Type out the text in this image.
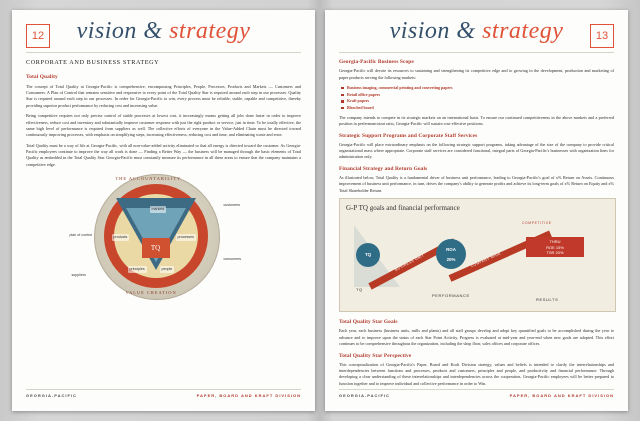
12	vision & strategy
CORPORATE AND BUSINESS STRATEGY
Total Quality

The concept of Total Quality at Georgia-Pacific is comprehensive, encompassing Principles, People, Processes, Products and Markets — Customers and Consumers. A Plan of Control that remains sensitive and responsive to every point of the Total Quality Star is required around each step in our processes. Quality Star is required around each step in our processes. In order for Georgia-Pacific to win, every process must be reliable, stable, capable and competitive, thereby providing superior product performance by reducing cost and increasing value.

Being competitive requires not only precise control of stable processes at lowest cost, it increasingly means getting all jobs done faster in order to improve effectiveness, reduce cost and inventory and substantially improve customer response with just the right product or service, just in time. To be totally effective, the same high level of performance is required from suppliers as well. The collective efforts of everyone in the Value-Added Chain must be directed toward continuously improving processes, with emphasis on simplifying steps, increasing effectiveness, reducing cost and time, and eliminating waste and error.

Total Quality must be a way of life at Georgia-Pacific, with all non-value-added activity eliminated so that all energy is directed toward the customer. As Georgia-Pacific employees continue to improve the way all work is done — Finding a Better Way — the business will be managed through the basic elements of Total Quality as embedded in the Total Quality Star. Georgia-Pacific must constantly measure its performance in all these areas to ensure that the company maintains a competitive edge.

TQ
markets
processes
principles	people
products
THE ACCOUNTABILITY
VALUE CREATION
plan of control
customers
consumers
suppliers
GEORGIA-PACIFIC	PAPER, BOARD AND KRAFT DIVISION
13
vision & strategy
Georgia-Pacific Business Scope

Georgia-Pacific will devote its resources to sustaining and strengthening its competitive edge and to growing in the development, production and marketing of paper products serving the following markets:

Business imaging, commercial printing and converting papers
Retail office papers
Kraft papers
Bleached board

The company intends to compete in its strategic markets on an international basis. To ensure our continued competitiveness in the above markets and a preferred position in perfermancoizat ratio, Georgia-Pacific will sustain cost-effective positions.

Strategic Support Programs and Corporate Staff Services

Georgia-Pacific will place extraordinary emphasis on the following strategic support programs, taking advantage of the size of the company to provide critical organizational mass where appropriate. Corporate staff services are considered functional, integral parts of Georgia-Pacific's businesses with organization lines for administration only.

Financial Strategy and Return Goals

As illustrated below, Total Quality is a fundamental driver of business unit performance, leading to Georgia-Pacific's goal of x% Return on Assets. Continuous improvement of business unit performance, in turn, drives the company's ability to generate profits and achieve its long-term goals of x% Return on Equity and x% Total Shareholder Return.

G-P TQ goals and financial performance
BUSINESS UNIT	COMPANY WIDE
TQ
ROA
20%
THRU
ROE 15%
TSR 20%
TQ
PERFORMANCE
RESULTS
COMPETITIVE
Total Quality Star Goals

Each year, each business (business units, mills and plants) and all staff groups develop and adopt key quantified goals to be accomplished during the year to advance and to improve upon the status of each Star Point Activity. Progress is evaluated at mid-year and year-end when new goals are adopted. This effort continues to be comprehensive throughout the organization, including the shop floor, sales offices and corporate offices.

Total Quality Star Perspective

This conceptualization of Georgia-Pacific's Paper, Board and Kraft Division strategy, values and beliefs is intended to clarify the interrelationships and interdependencies between functions and processes, products and customers, principles and people, and productivity and financial performance. Through developing a clear understanding of these interrelationships and interdependencies across the cooperation, Georgia-Pacific employees will be better prepared to function together and to improve individual and collective performance in order to Win.

GEORGIA-PACIFIC	PAPER, BOARD AND KRAFT DIVISION
